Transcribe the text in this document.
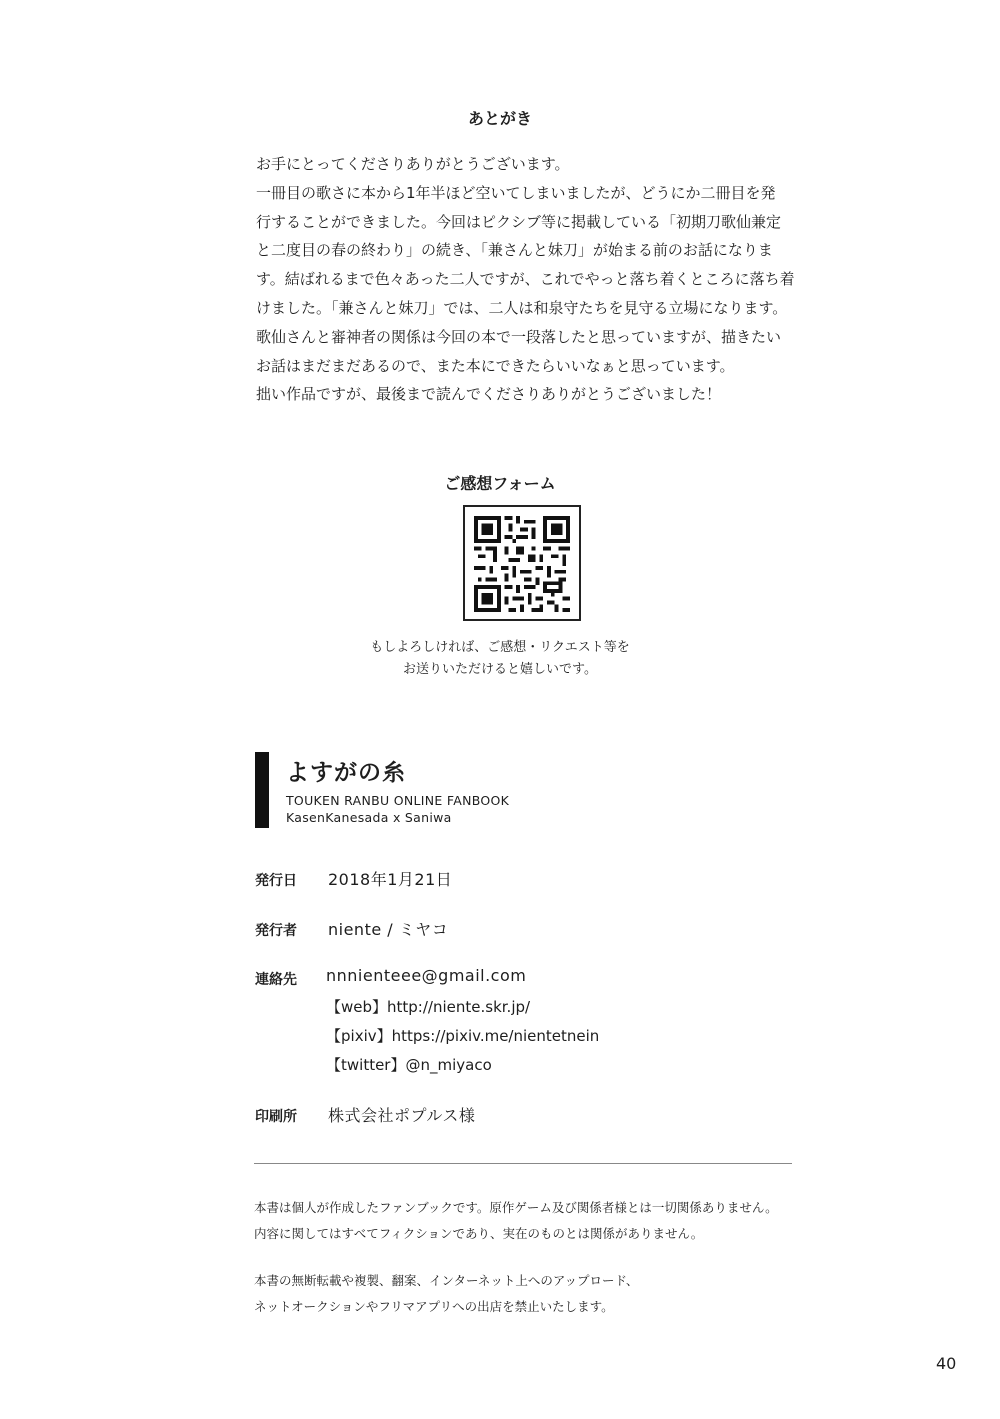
あとがき

お手にとってくださりありがとうございます。

一冊目の歌さに本から1年半ほど空いてしまいましたが、どうにか二冊目を発

行することができました。今回はピクシブ等に掲載している「初期刀歌仙兼定

と二度目の春の終わり」の続き、「兼さんと妹刀」が始まる前のお話になりま

す。結ばれるまで色々あった二人ですが、これでやっと落ち着くところに落ち着

けました。「兼さんと妹刀」では、二人は和泉守たちを見守る立場になります。

歌仙さんと審神者の関係は今回の本で一段落したと思っていますが、描きたい

お話はまだまだあるので、また本にできたらいいなぁと思っています。

拙い作品ですが、最後まで読んでくださりありがとうございました！

ご感想フォーム
もしよろしければ、ご感想・リクエスト等を
お送りいただけると嬉しいです。
よすがの糸
TOUKEN RANBU ONLINE FANBOOK
KasenKanesada x Saniwa
発行日 2018年1月21日
発行者 niente / ミヤコ
連絡先 nnnienteee@gmail.com
【web】http://niente.skr.jp/
【pixiv】https://pixiv.me/nientetnein
【twitter】@n_miyaco
印刷所 株式会社ポプルス様

本書は個人が作成したファンブックです。原作ゲーム及び関係者様とは一切関係ありません。

内容に関してはすべてフィクションであり、実在のものとは関係がありません。

本書の無断転載や複製、翻案、インターネット上へのアップロード、

ネットオークションやフリマアプリへの出店を禁止いたします。

40
